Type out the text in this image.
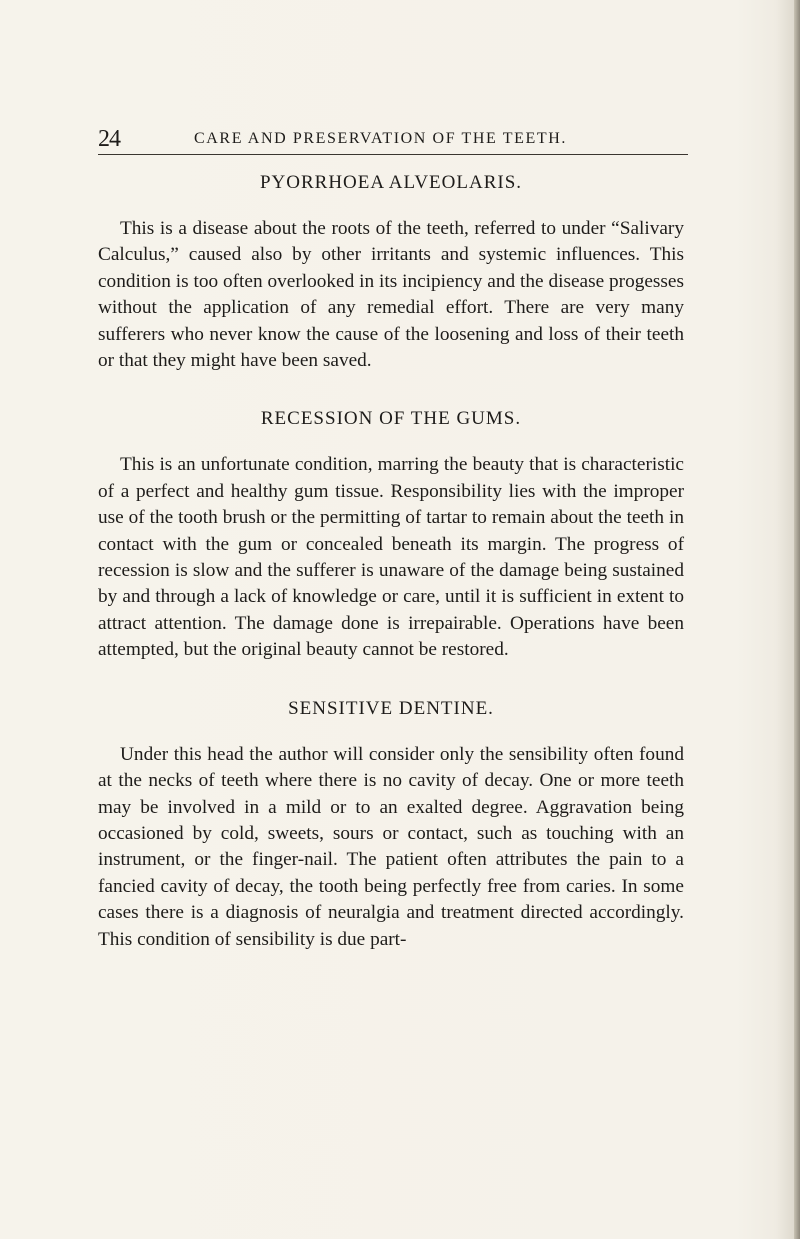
24	CARE AND PRESERVATION OF THE TEETH.
PYORRHOEA ALVEOLARIS.

This is a disease about the roots of the teeth, referred to under “Salivary Calculus,” caused also by other irritants and systemic influences. This condition is too often overlooked in its incipiency and the disease progesses without the application of any remedial effort. There are very many sufferers who never know the cause of the loosening and loss of their teeth or that they might have been saved.

RECESSION OF THE GUMS.

This is an unfortunate condition, marring the beauty that is characteristic of a perfect and healthy gum tissue. Responsibility lies with the improper use of the tooth brush or the permitting of tartar to remain about the teeth in contact with the gum or concealed beneath its margin. The progress of recession is slow and the sufferer is unaware of the damage being sustained by and through a lack of knowledge or care, until it is sufficient in extent to attract attention. The damage done is irrepairable. Operations have been attempted, but the original beauty cannot be restored.

SENSITIVE DENTINE.

Under this head the author will consider only the sensibility often found at the necks of teeth where there is no cavity of decay. One or more teeth may be involved in a mild or to an exalted degree. Aggravation being occasioned by cold, sweets, sours or contact, such as touching with an instrument, or the finger-nail. The patient often attributes the pain to a fancied cavity of decay, the tooth being perfectly free from caries. In some cases there is a diagnosis of neuralgia and treatment directed accordingly. This condition of sensibility is due part-
